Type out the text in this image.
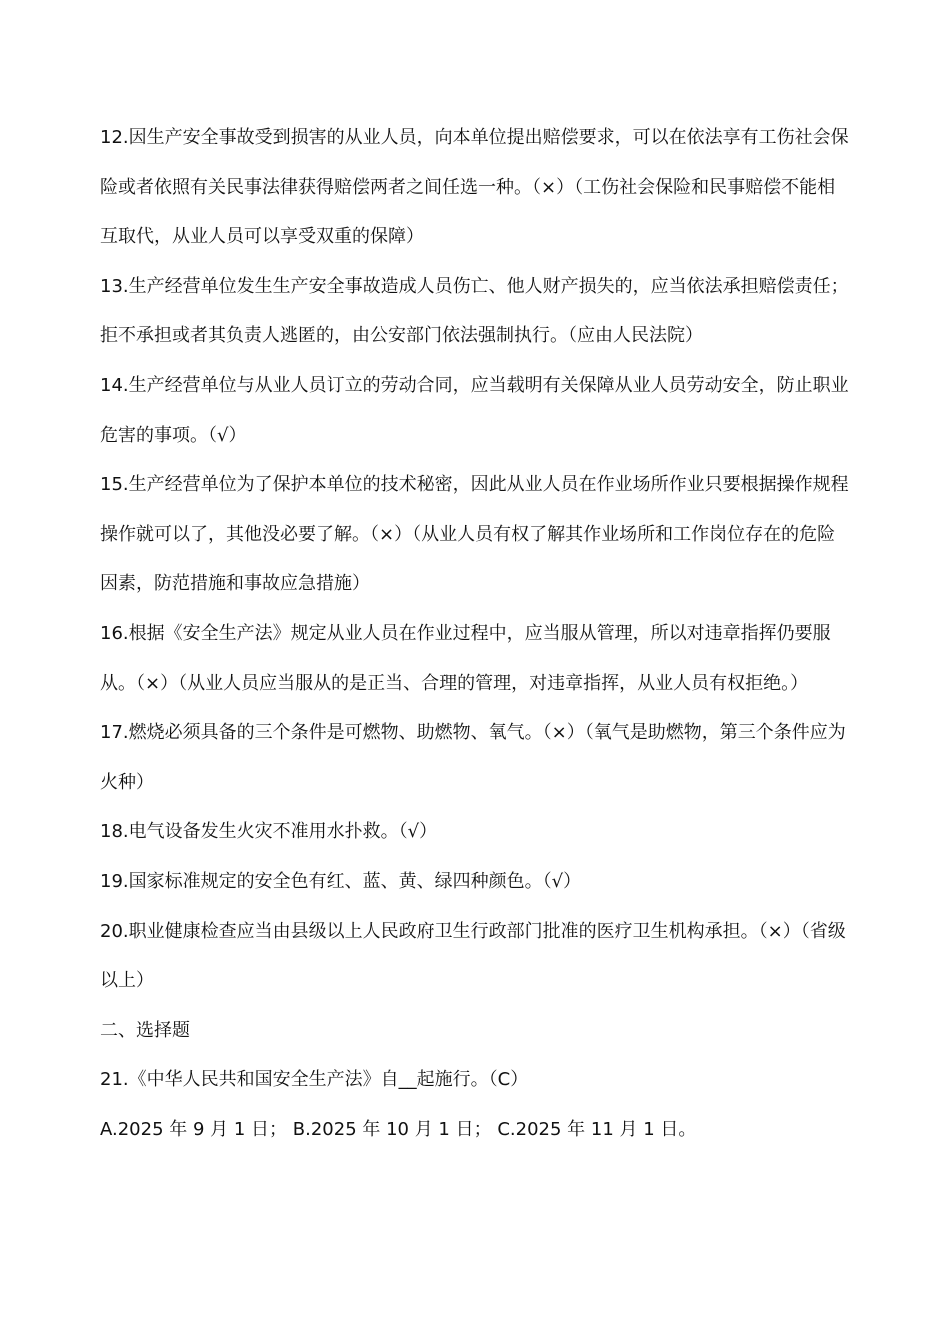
12.因生产安全事故受到损害的从业人员，向本单位提出赔偿要求，可以在依法享有工伤社会保险或者依照有关民事法律获得赔偿两者之间任选一种。（×）（工伤社会保险和民事赔偿不能相互取代，从业人员可以享受双重的保障）

13.生产经营单位发生生产安全事故造成人员伤亡、他人财产损失的，应当依法承担赔偿责任；拒不承担或者其负责人逃匿的，由公安部门依法强制执行。（应由人民法院）

14.生产经营单位与从业人员订立的劳动合同，应当载明有关保障从业人员劳动安全，防止职业危害的事项。（√）

15.生产经营单位为了保护本单位的技术秘密，因此从业人员在作业场所作业只要根据操作规程操作就可以了，其他没必要了解。（×）（从业人员有权了解其作业场所和工作岗位存在的危险因素，防范措施和事故应急措施）

16.根据《安全生产法》规定从业人员在作业过程中，应当服从管理，所以对违章指挥仍要服从。（×）（从业人员应当服从的是正当、合理的管理，对违章指挥，从业人员有权拒绝。）

17.燃烧必须具备的三个条件是可燃物、助燃物、氧气。（×）（氧气是助燃物，第三个条件应为火种）

18.电气设备发生火灾不准用水扑救。（√）

19.国家标准规定的安全色有红、蓝、黄、绿四种颜色。（√）

20.职业健康检查应当由县级以上人民政府卫生行政部门批准的医疗卫生机构承担。（×）（省级以上）

二、选择题

21.《中华人民共和国安全生产法》自__起施行。（C）

A.2025 年 9 月 1 日； B.2025 年 10 月 1 日； C.2025 年 11 月 1 日。
